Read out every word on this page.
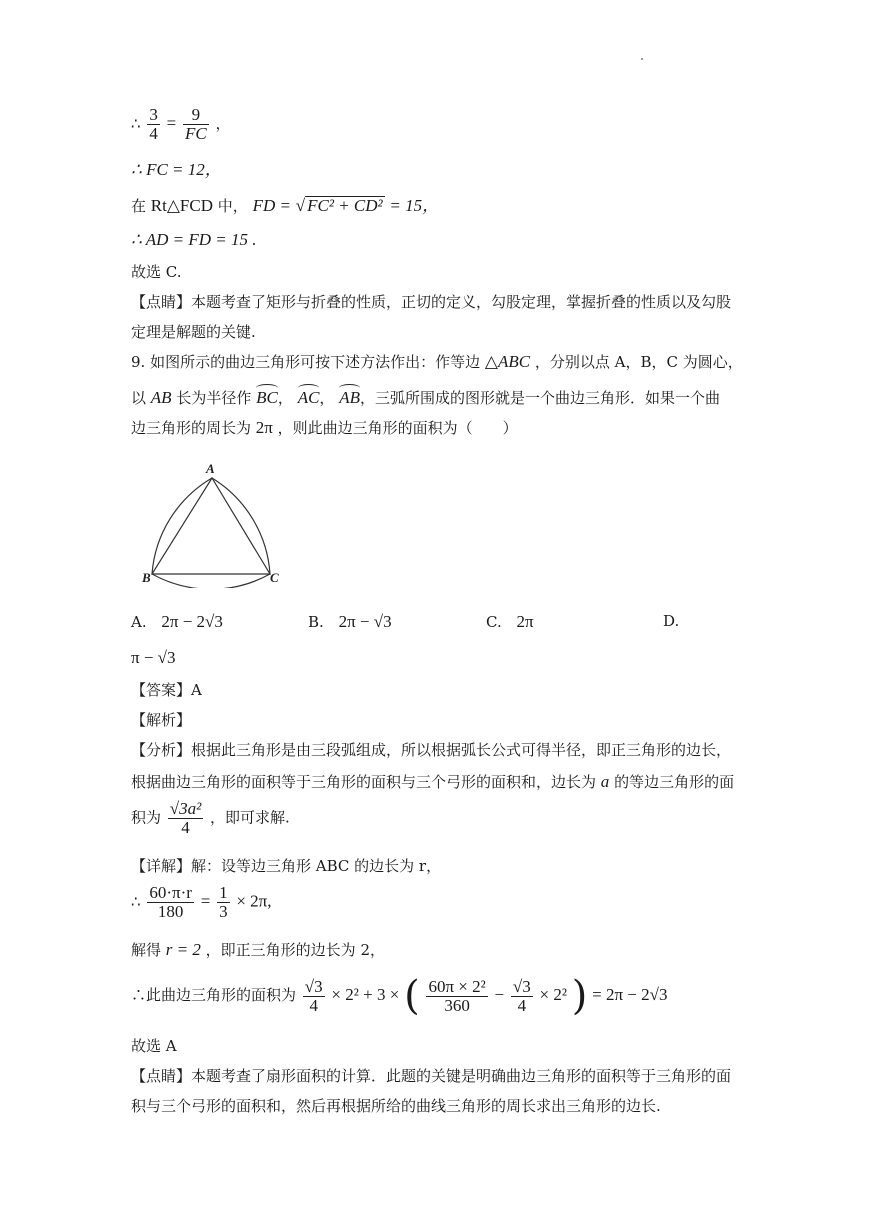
∴ $\frac{3}{4} = \frac{9}{FC}$ ，
∴ FC = 12，
在 Rt△FCD 中， FD = √ FC² + CD² = 15，
∴ AD = FD = 15 .
故选 C.
【点睛】本题考查了矩形与折叠的性质，正切的定义，勾股定理，掌握折叠的性质以及勾股
定理是解题的关键.
9. 如图所示的曲边三角形可按下述方法作出：作等边 △ABC ，分别以点 A，B，C 为圆心，
以 AB 长为半径作 BC， AC， AB，三弧所围成的图形就是一个曲边三角形．如果一个曲
边三角形的周长为 2π ，则此曲边三角形的面积为（　　）
A
B	C
A. 2π − 2√3	B. 2π − √3	C. 2π	D.
π − √3
【答案】A
【解析】
【分析】根据此三角形是由三段弧组成，所以根据弧长公式可得半径，即正三角形的边长，
根据曲边三角形的面积等于三角形的面积与三个弓形的面积和，边长为 a 的等边三角形的面
积为 $\frac{\text{√3a²}}{4}$ ，即可求解.
【详解】解：设等边三角形 ABC 的边长为 r，
∴ $\frac{60\cdot\pi\cdot r}{180} = \frac{1}{3} \times 2\pi$,
解得 r = 2 ，即正三角形的边长为 2，
∴此曲边三角形的面积为 $\frac{√3}{4} \times 2^2 + 3$ × ( $\frac{\text{60π × 2²}}{360} - \frac{√3}{4} \times 2^2$ ) = 2π − 2√3
故选 A
【点睛】本题考查了扇形面积的计算．此题的关键是明确曲边三角形的面积等于三角形的面
积与三个弓形的面积和，然后再根据所给的曲线三角形的周长求出三角形的边长.
